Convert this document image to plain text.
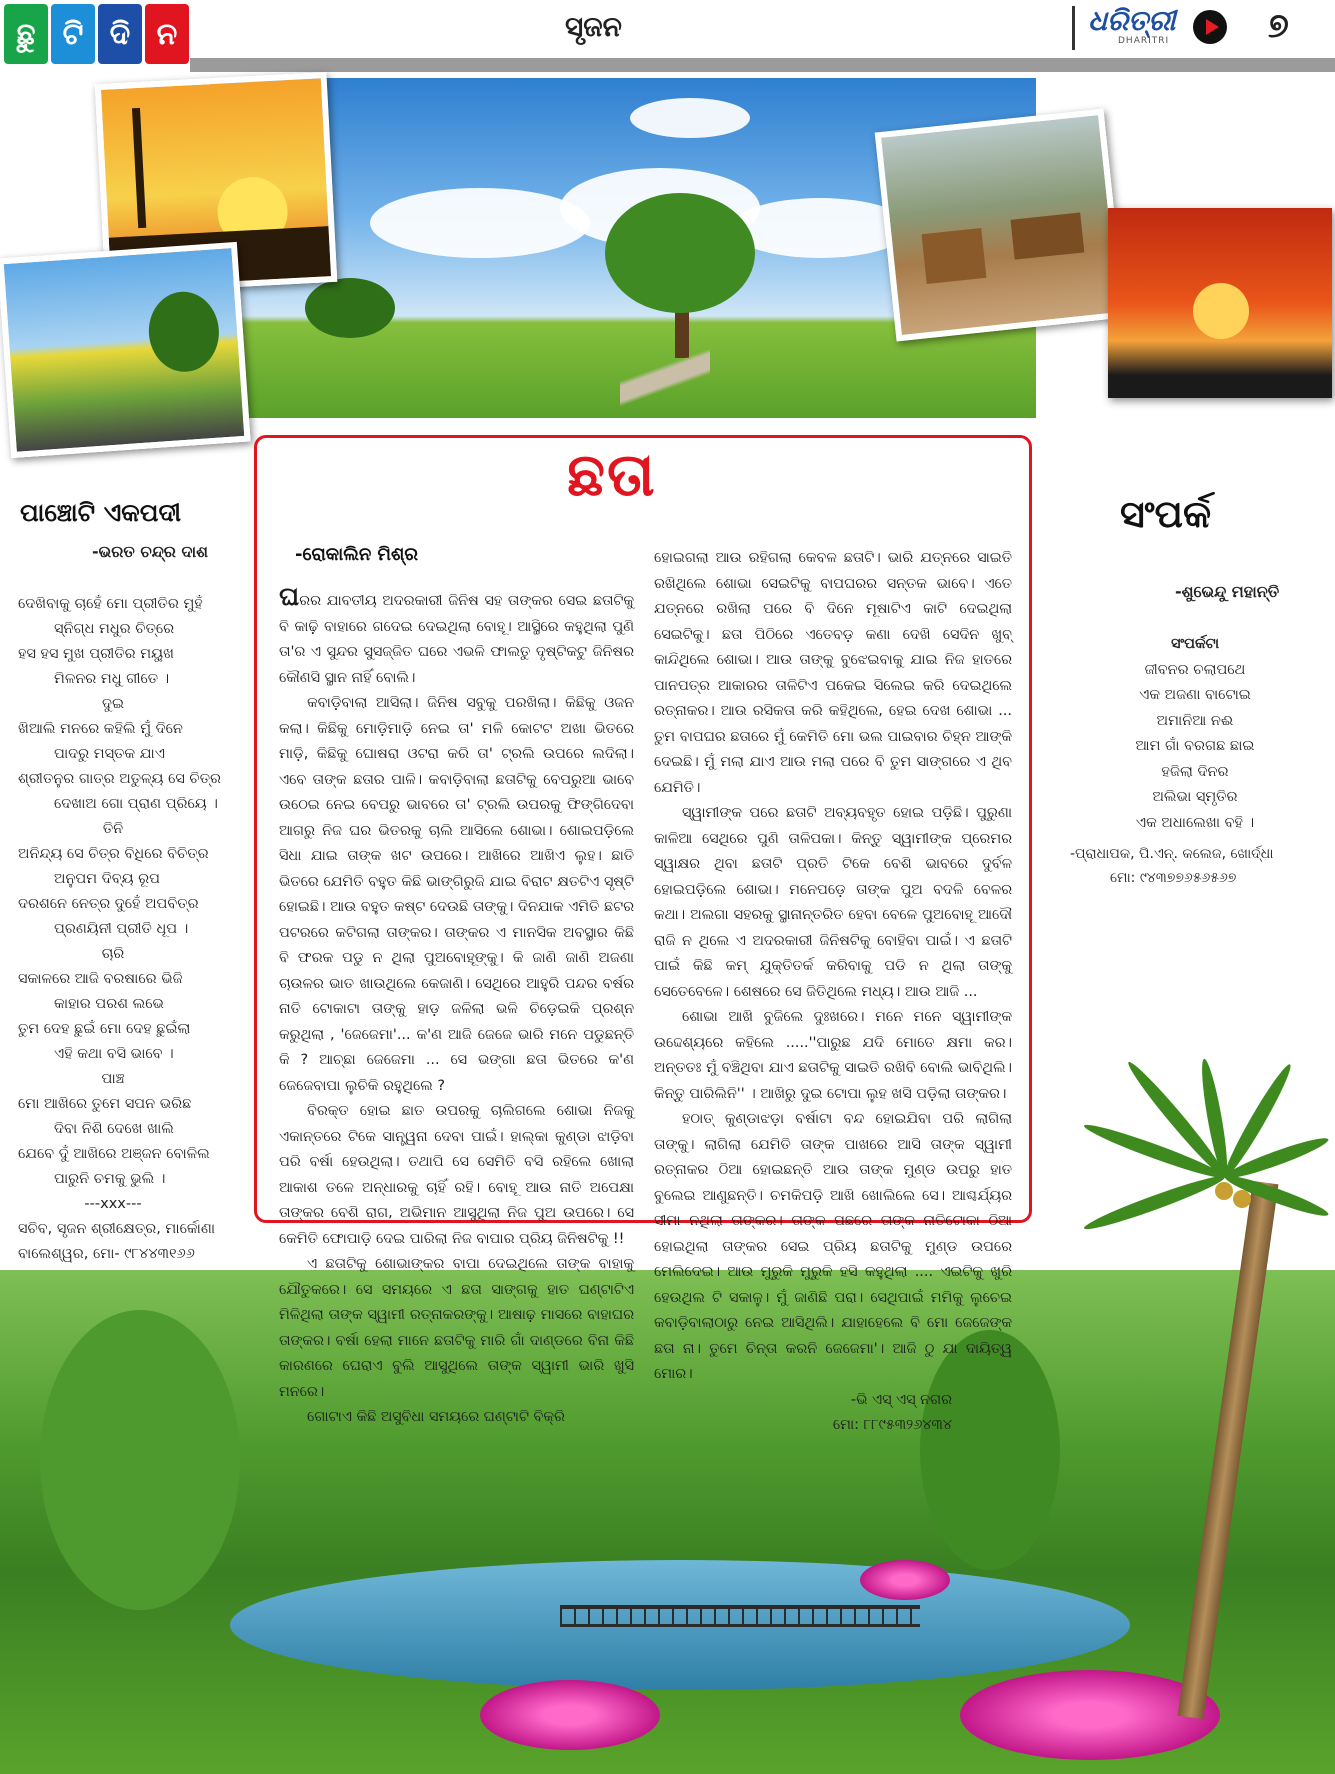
ଛୁ ଟି ଦି ନ	ସୃଜନ	ଧରିତ୍ରୀ
DHARITRI	୭
ପାଞ୍ଚୋଟି ଏକପଦୀ
-ଭରତ ଚନ୍ଦ୍ର ଦାଶ
ଦେଖିବାକୁ ଚାହେଁ ମୋ ପ୍ରୀତିର ମୁହଁ
ସ୍ନିଗ୍ଧ ମଧୁର ଚିତ୍ରେ
ହସ ହସ ମୁଖ ପ୍ରୀତିର ମୟୁଖ
ମିଳନର ମଧୁ ଗୀତେ ।
ଦୁଇ
ଖିଆଲି ମନରେ କହିଲି ମୁଁ ଦିନେ
ପାଦରୁ ମସ୍ତକ ଯାଏ
ଶ୍ରୀତନୁର ଗାତ୍ର ଅତୁଳ୍ୟ ସେ ଚିତ୍ର
ଦେଖାଅ ଗୋ ପ୍ରାଣ ପ୍ରିୟେ ।
ତିନି
ଅନିନ୍ଦ୍ୟ ସେ ଚିତ୍ର ବିଧିରେ ବିଚିତ୍ର
ଅନୁପମ ଦିବ୍ୟ ରୂପ
ଦରଶନେ ନେତ୍ର ଦୁହେଁ ଅପବିତ୍ର
ପ୍ରଣୟିନୀ ପ୍ରୀତି ଧୂପ ।
ଚାରି
ସକାଳରେ ଆଜି ବରଷାରେ ଭିଜି
କାହାର ପରଶ ଲଭେ
ତୁମ ଦେହ ଛୁଇଁ ମୋ ଦେହ ଛୁଇଁଲା
ଏହି କଥା ବସି ଭାବେ ।
ପାଞ୍ଚ
ମୋ ଆଖିରେ ତୁମେ ସପନ ଭରିଛ
ଦିବା ନିଶି ଦେଖେ ଖାଲି
ଯେବେ ଦୁଁ ଆଖିରେ ଅଞ୍ଜନ ବୋଳିଲ
ପାରୁନି ଚମକୁ ଭୁଲି ।
---xxx---
ସଚିବ, ସୃଜନ ଶ୍ରୀକ୍ଷେତ୍ର, ମାର୍କୋଣା
ବାଲେଶ୍ୱର, ମୋ- ୯୮୪୪୩୧୬୬
ସଂପର୍କ
-ଶୁଭେନ୍ଦୁ ମହାନ୍ତି
ସଂପର୍କଟା
ଜୀବନର ଚଲାପଥେ
ଏକ ଅଜଣା ବାଟୋଇ
ଅମାନିଆ ନଈ
ଆମ ଗାଁ ବରଗଛ ଛାଇ
ହଜିଲା ଦିନର
ଅଲିଭା ସ୍ମୃତିର
ଏକ ଅଧାଲେଖା ବହି ।
-ପ୍ରାଧାପକ, ପି.ଏନ୍. କଲେଜ, ଖୋର୍ଦ୍ଧା
ମୋ: ୯୪୩୭୭୬୫୬୫୬୭
ଛତା
-ରୋକାଲିନ ମିଶ୍ର

ଘରର ଯାବତୀୟ ଅଦରକାରୀ ଜିନିଷ ସହ ତାଙ୍କର ସେଇ ଛତାଟିକୁ ବି କାଢ଼ି ବାହାରେ ଗଦେଇ ଦେଇଥିଲା ବୋହୂ। ଆସ୍ଥିରେ କହୁଥିଲା ପୁଣି ତା'ର ଏ ସୁନ୍ଦର ସୁସଜ୍ଜିତ ଘରେ ଏଭଳି ଫାଲତୁ ଦୃଷ୍ଟିକଟୁ ଜିନିଷର କୌଣସି ସ୍ଥାନ ନାହିଁ ବୋଲି।

କବାଡ଼ିବାଲା ଆସିଲା। ଜିନିଷ ସବୁକୁ ପରଖିଲା। କିଛିକୁ ଓଜନ କଲା। କିଛିକୁ ମୋଡ଼ିମାଡ଼ି ନେଇ ତା' ମଳି କୋଟଟ ଅଖା ଭିତରେ ମାଡ଼ି, କିଛିକୁ ଘୋଷରା ଓଟରା କରି ତା' ଟ୍ରଲି ଉପରେ ଲଦିଲା। ଏବେ ତାଙ୍କ ଛତାର ପାଳି। କବାଡ଼ିବାଲା ଛତାଟିକୁ ବେପରୁଆ ଭାବେ ଉଠେଇ ନେଇ ବେପରୁ ଭାବରେ ତା' ଟ୍ରଲି ଉପରକୁ ଫିଙ୍ଗିଦେବା ଆଗରୁ ନିଜ ଘର ଭିତରକୁ ଚାଲି ଆସିଲେ ଶୋଭା। ଶୋଇପଡ଼ିଲେ ସିଧା ଯାଇ ତାଙ୍କ ଖଟ ଉପରେ। ଆଖିରେ ଆଖିଏ ଲୁହ। ଛାତି ଭିତରେ ଯେମିତି ବହୁତ କିଛି ଭାଙ୍ଗିରୁଜି ଯାଇ ବିରାଟ କ୍ଷତଟିଏ ସୃଷ୍ଟି ହୋଇଛି। ଆଉ ବହୁତ କଷ୍ଟ ଦେଉଛି ତାଙ୍କୁ। ଦିନଯାକ ଏମିତି ଛଟର ପଟରରେ କଟିଗଲା ତାଙ୍କର। ତାଙ୍କର ଏ ମାନସିକ ଅବସ୍ଥାର କିଛି ବି ଫରକ ପଡୁ ନ ଥିଲା ପୁଅବୋହୂଙ୍କୁ। କି ଜାଣି ଜାଣି ଅଜଣା ଚାଉଳର ଭାତ ଖାଉଥିଲେ କେଜାଣି। ସେଥିରେ ଆହୁରି ପନ୍ଦର ବର୍ଷର ନାତି ଟୋକାଟା ତାଙ୍କୁ ହାଡ଼ ଜଳିଲା ଭଳି ଚିଡ଼େଇକି ପ୍ରଶ୍ନ କରୁଥିଲା , 'ଜେଜେମା'... କ'ଣ ଆଜି ଜେଜେ ଭାରି ମନେ ପଡୁଛନ୍ତି କି ? ଆଚ୍ଛା ଜେଜେମା ... ସେ ଭଙ୍ଗା ଛତା ଭିତରେ କ'ଣ ଜେଜେବାପା ଲୁଚିକି ରହୁଥିଲେ ?

ବିରକ୍ତ ହୋଇ ଛାତ ଉପରକୁ ଚାଲିଗଲେ ଶୋଭା ନିଜକୁ ଏକାନ୍ତରେ ଟିକେ ସାନ୍ତ୍ୱନା ଦେବା ପାଇଁ। ହାଲ୍କା କୁଣ୍ଡା ଝାଡ଼ିବା ପରି ବର୍ଷା ହେଉଥିଲା। ତଥାପି ସେ ସେମିତି ବସି ରହିଲେ ଖୋଲା ଆକାଶ ତଳେ ଅନ୍ଧାରକୁ ଚାହିଁ ରହି। ବୋହୂ ଆଉ ନାତି ଅପେକ୍ଷା ତାଙ୍କର ବେଶି ରାଗ, ଅଭିମାନ ଆସୁଥିଲା ନିଜ ପୁଅ ଉପରେ। ସେ କେମିତି ଫୋପାଡ଼ି ଦେଇ ପାରିଲା ନିଜ ବାପାର ପ୍ରିୟ ଜିନିଷଟିକୁ !!

ଏ ଛତାଟିକୁ ଶୋଭାଙ୍କର ବାପା ଦେଇଥିଲେ ତାଙ୍କ ବାହାକୁ ଯୌତୁକରେ। ସେ ସମୟରେ ଏ ଛତା ସାଙ୍ଗକୁ ହାତ ଘଣ୍ଟାଟିଏ ମିଳିଥିଲା ତାଙ୍କ ସ୍ୱାମୀ ରତ୍ନାକରଙ୍କୁ। ଆଷାଢ଼ ମାସରେ ବାହାଘର ତାଙ୍କର। ବର୍ଷା ହେଲା ମାନେ ଛତାଟିକୁ ମାରି ଗାଁ ଦାଣ୍ଡରେ ବିନା କିଛି କାରଣରେ ଘେରାଏ ବୁଲି ଆସୁଥିଲେ ତାଙ୍କ ସ୍ୱାମୀ ଭାରି ଖୁସି ମନରେ।

ଗୋଟାଏ କିଛି ଅସୁବିଧା ସମୟରେ ଘଣ୍ଟାଟି ବିକ୍ରି

ହୋଇଗଲା ଆଉ ରହିଗଲା କେବଳ ଛତାଟି। ଭାରି ଯତ୍ନରେ ସାଇତି ରଖିଥିଲେ ଶୋଭା ସେଇଟିକୁ ବାପଘରର ସନ୍ତକ ଭାବେ। ଏତେ ଯତ୍ନରେ ରଖିଲା ପରେ ବି ଦିନେ ମୂଷାଟିଏ କାଟି ଦେଇଥିଲା ସେଇଟିକୁ। ଛତା ପିଠିରେ ଏତେବଡ଼ କଣା ଦେଖି ସେଦିନ ଖୁବ୍ କାନ୍ଦିଥିଲେ ଶୋଭା। ଆଉ ତାଙ୍କୁ ବୁଝେଇବାକୁ ଯାଇ ନିଜ ହାତରେ ପାନପତ୍ର ଆକାରର ତାଳିଟିଏ ପକେଇ ସିଲେଇ କରି ଦେଇଥିଲେ ରତ୍ନାକର। ଆଉ ରସିକତା କରି କହିଥିଲେ, ହେଇ ଦେଖ ଶୋଭା ... ତୁମ ବାପଘର ଛତାରେ ମୁଁ କେମିତି ମୋ ଭଲ ପାଇବାର ଚିହ୍ନ ଆଙ୍କି ଦେଇଛି। ମୁଁ ମଲା ଯାଏ ଆଉ ମଲା ପରେ ବି ତୁମ ସାଙ୍ଗରେ ଏ ଥିବ ଯେମିତି।

ସ୍ୱାମୀଙ୍କ ପରେ ଛତାଟି ଅବ୍ୟବହୃତ ହୋଇ ପଡ଼ିଛି। ପୁରୁଣା କାଳିଆ ସେଥିରେ ପୁଣି ତାଳିପକା। କିନ୍ତୁ ସ୍ୱାମୀଙ୍କ ପ୍ରେମର ସ୍ୱାକ୍ଷର ଥିବା ଛତାଟି ପ୍ରତି ଟିକେ ବେଶି ଭାବରେ ଦୁର୍ବଳ ହୋଇପଡ଼ିଲେ ଶୋଭା। ମନେପଡ଼େ ତାଙ୍କ ପୁଅ ବଦଳି ବେଳର କଥା। ଅଲଗା ସହରକୁ ସ୍ଥାନାନ୍ତରିତ ହେବା ବେଳେ ପୁଅବୋହୂ ଆଦୌ ରାଜି ନ ଥିଲେ ଏ ଅଦରକାରୀ ଜିନିଷଟିକୁ ବୋହିବା ପାଇଁ। ଏ ଛତାଟି ପାଇଁ କିଛି କମ୍ ଯୁକ୍ତିତର୍କ କରିବାକୁ ପଡି ନ ଥିଲା ତାଙ୍କୁ ସେତେବେଳେ। ଶେଷରେ ସେ ଜିତିଥିଲେ ମଧ୍ୟ। ଆଉ ଆଜି ...

ଶୋଭା ଆଖି ବୁଜିଲେ ଦୁଃଖରେ। ମନେ ମନେ ସ୍ୱାମୀଙ୍କ ଉଦ୍ଦେଶ୍ୟରେ କହିଲେ .....''ପାରୁଛ ଯଦି ମୋତେ କ୍ଷମା କର। ଅନ୍ତତଃ ମୁଁ ବଞ୍ଚିଥିବା ଯାଏ ଛତାଟିକୁ ସାଇତି ରଖିବି ବୋଲି ଭାବିଥିଲି। କିନ୍ତୁ ପାରିଲିନି'' । ଆଖିରୁ ଦୁଇ ଟୋପା ଲୁହ ଖସି ପଡ଼ିଲା ତାଙ୍କର।

ହଠାତ୍ କୁଣ୍ଡାଝଡ଼ା ବର୍ଷାଟା ବନ୍ଦ ହୋଇଯିବା ପରି ଲାଗିଲା ତାଙ୍କୁ। ଲାଗିଲା ଯେମିତି ତାଙ୍କ ପାଖରେ ଆସି ତାଙ୍କ ସ୍ୱାମୀ ରତ୍ନାକର ଠିଆ ହୋଇଛନ୍ତି ଆଉ ତାଙ୍କ ମୁଣ୍ଡ ଉପରୁ ହାତ ବୁଲେଇ ଆଣୁଛନ୍ତି। ଚମକିପଡ଼ି ଆଖି ଖୋଲିଲେ ସେ। ଆଶ୍ଚର୍ଯ୍ୟର ସୀମା ନଥିଲା ତାଙ୍କର। ତାଙ୍କ ପଛରେ ତାଙ୍କ ନାତିଟୋକା ଠିଆ ହୋଇଥିଲା ତାଙ୍କର ସେଇ ପ୍ରିୟ ଛତାଟିକୁ ମୁଣ୍ଡ ଉପରେ ମେଲିଦେଇ। ଆଉ ମୁରୁକି ମୁରୁକି ହସି କହୁଥିଲା .... ଏଇଟିକୁ ଖୁରି ହେଉଥିଲ ଟି ସକାଳୁ। ମୁଁ ଜାଣିଛି ପରା। ସେଥିପାଇଁ ମମିକୁ ଲୁଚେଇ କବାଡ଼ିବାଲାଠାରୁ ନେଇ ଆସିଥିଲି। ଯାହାହେଲେ ବି ମୋ ଜେଜେଙ୍କ ଛତା ନା। ତୁମେ ଚିନ୍ତା କରନି ଜେଜେମା'। ଆଜି ଠୁ ଯା ଦାୟିତ୍ୱ ମୋର।

-ଭି ଏସ୍ ଏସ୍ ନଗର
ମୋ: ୮୮୯୫୩୨୬୪୩୪
